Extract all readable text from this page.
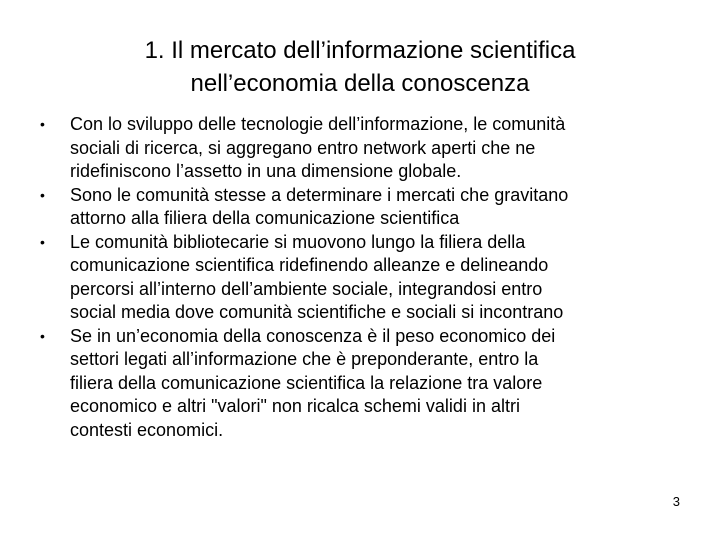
1. Il mercato dell’informazione scientifica
nell’economia della conoscenza
• Con lo sviluppo delle tecnologie dell’informazione, le comunità
sociali di ricerca, si aggregano entro network aperti che ne
ridefiniscono l’assetto in una dimensione globale.
• Sono le comunità stesse a determinare i mercati che gravitano
attorno alla filiera della comunicazione scientifica
• Le comunità bibliotecarie si muovono lungo la filiera della
comunicazione scientifica ridefinendo alleanze e delineando
percorsi all’interno dell’ambiente sociale, integrandosi entro
social media dove comunità scientifiche e sociali si incontrano
• Se in un’economia della conoscenza è il peso economico dei
settori legati all’informazione che è preponderante, entro la
filiera della comunicazione scientifica la relazione tra valore
economico e altri "valori" non ricalca schemi validi in altri
contesti economici.
3
